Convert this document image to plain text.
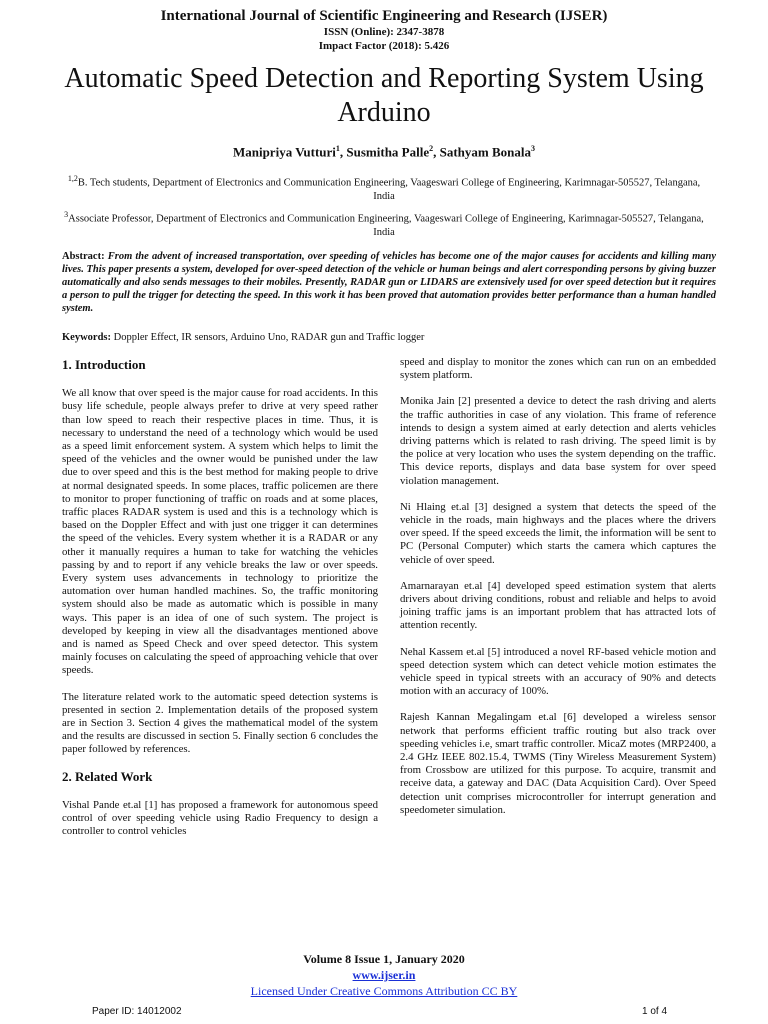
International Journal of Scientific Engineering and Research (IJSER)
ISSN (Online): 2347-3878
Impact Factor (2018): 5.426
Automatic Speed Detection and Reporting System Using Arduino
Manipriya Vutturi$^1$, Susmitha Palle$^2$, Sathyam Bonala$^3$
$^{1,2}$B. Tech students, Department of Electronics and Communication Engineering, Vaageswari College of Engineering, Karimnagar-505527, Telangana, India
$^3$Associate Professor, Department of Electronics and Communication Engineering, Vaageswari College of Engineering, Karimnagar-505527, Telangana, India
Abstract: From the advent of increased transportation, over speeding of vehicles has become one of the major causes for accidents and killing many lives. This paper presents a system, developed for over-speed detection of the vehicle or human beings and alert corresponding persons by giving buzzer automatically and also sends messages to their mobiles. Presently, RADAR gun or LIDARS are extensively used for over speed detection but it requires a person to pull the trigger for detecting the speed. In this work it has been proved that automation provides better performance than a human handled system.
Keywords: Doppler Effect, IR sensors, Arduino Uno, RADAR gun and Traffic logger
1. Introduction

We all know that over speed is the major cause for road accidents. In this busy life schedule, people always prefer to drive at very speed rather than low speed to reach their respective places in time. Thus, it is necessary to understand the need of a technology which would be used as a speed limit enforcement system. A system which helps to limit the speed of the vehicles and the owner would be punished under the law due to over speed and this is the best method for making people to drive at normal designated speeds. In some places, traffic policemen are there to monitor to proper functioning of traffic on roads and at some places, traffic places RADAR system is used and this is a technology which is based on the Doppler Effect and with just one trigger it can determines the speed of the vehicles. Every system whether it is a RADAR or any other it manually requires a human to take for watching the vehicles passing by and to report if any vehicle breaks the law or over speeds. Every system uses advancements in technology to prioritize the automation over human handled machines. So, the traffic monitoring system should also be made as automatic which is possible in many ways. This paper is an idea of one of such system. The project is developed by keeping in view all the disadvantages mentioned above and is named as Speed Check and over speed detector. This system mainly focuses on calculating the speed of approaching vehicle that over speeds.

The literature related work to the automatic speed detection systems is presented in section 2. Implementation details of the proposed system are in Section 3. Section 4 gives the mathematical model of the system and the results are discussed in section 5. Finally section 6 concludes the paper followed by references.

2. Related Work

Vishal Pande et.al [1] has proposed a framework for autonomous speed control of over speeding vehicle using Radio Frequency to design a controller to control vehicles

speed and display to monitor the zones which can run on an embedded system platform.

Monika Jain [2] presented a device to detect the rash driving and alerts the traffic authorities in case of any violation. This frame of reference intends to design a system aimed at early detection and alerts vehicles driving patterns which is related to rash driving. The speed limit is by the police at very location who uses the system depending on the traffic. This device reports, displays and data base system for over speed violation management.

Ni Hlaing et.al [3] designed a system that detects the speed of the vehicle in the roads, main highways and the places where the drivers over speed. If the speed exceeds the limit, the information will be sent to PC (Personal Computer) which starts the camera which captures the vehicle of over speed.

Amarnarayan et.al [4] developed speed estimation system that alerts drivers about driving conditions, robust and reliable and helps to avoid joining traffic jams is an important problem that has attracted lots of attention recently.

Nehal Kassem et.al [5] introduced a novel RF-based vehicle motion and speed detection system which can detect vehicle motion estimates the vehicle speed in typical streets with an accuracy of 90% and detects motion with an accuracy of 100%.

Rajesh Kannan Megalingam et.al [6] developed a wireless sensor network that performs efficient traffic routing but also track over speeding vehicles i.e, smart traffic controller. MicaZ motes (MRP2400, a 2.4 GHz IEEE 802.15.4, TWMS (Tiny Wireless Measurement System) from Crossbow are utilized for this purpose. To acquire, transmit and receive data, a gateway and DAC (Data Acquisition Card). Over Speed detection unit comprises microcontroller for interrupt generation and speedometer simulation.

Volume 8 Issue 1, January 2020
www.ijser.in
Licensed Under Creative Commons Attribution CC BY
Paper ID: 14012002	1 of 4
